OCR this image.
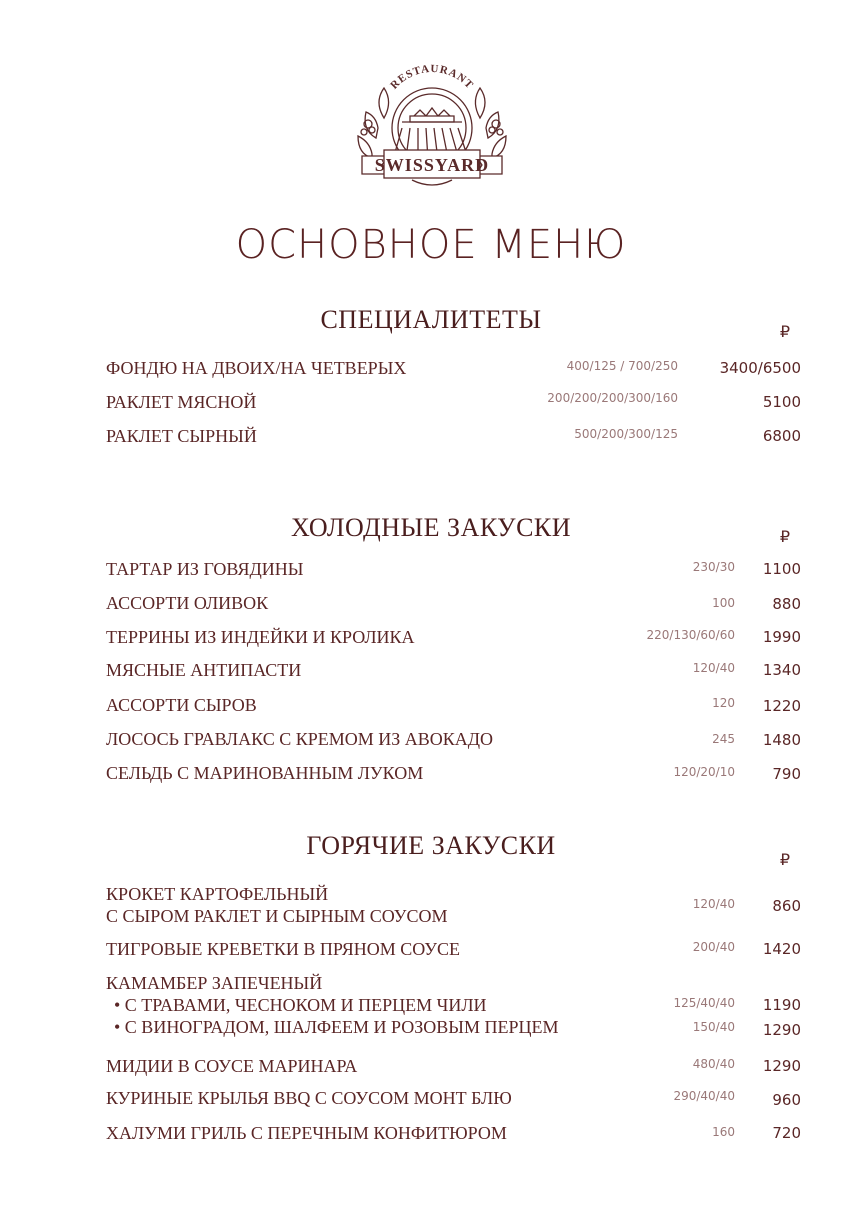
RESTAURANT
SWISSYARD
ОСНОВНОЕ МЕНЮ
СПЕЦИАЛИТЕТЫ	₽
ФОНДЮ НА ДВОИХ/НА ЧЕТВЕРЫХ	400/125 / 700/250	3400/6500
РАКЛЕТ МЯСНОЙ	200/200/200/300/160	5100
РАКЛЕТ СЫРНЫЙ	500/200/300/125	6800
ХОЛОДНЫЕ ЗАКУСКИ	₽
ТАРТАР ИЗ ГОВЯДИНЫ	230/30 1100
АССОРТИ ОЛИВОК	100 880
ТЕРРИНЫ ИЗ ИНДЕЙКИ И КРОЛИКА	220/130/60/60 1990
МЯСНЫЕ АНТИПАСТИ	120/40 1340
АССОРТИ СЫРОВ	120 1220
ЛОСОСЬ ГРАВЛАКС С КРЕМОМ ИЗ АВОКАДО	245 1480
СЕЛЬДЬ С МАРИНОВАННЫМ ЛУКОМ	120/20/10 790
ГОРЯЧИЕ ЗАКУСКИ	₽
КРОКЕТ КАРТОФЕЛЬНЫЙ
С СЫРОМ РАКЛЕТ И СЫРНЫМ СОУСОМ
120/40 860
ТИГРОВЫЕ КРЕВЕТКИ В ПРЯНОМ СОУСЕ	200/40 1420
КАМАМБЕР ЗАПЕЧЕНЫЙ
• С ТРАВАМИ, ЧЕСНОКОМ И ПЕРЦЕМ ЧИЛИ	125/40/40 1190
• С ВИНОГРАДОМ, ШАЛФЕЕМ И РОЗОВЫМ ПЕРЦЕМ	150/40 1290
МИДИИ В СОУСЕ МАРИНАРА	480/40 1290
КУРИНЫЕ КРЫЛЬЯ BBQ С СОУСОМ МОНТ БЛЮ	290/40/40 960
ХАЛУМИ ГРИЛЬ С ПЕРЕЧНЫМ КОНФИТЮРОМ	160 720
